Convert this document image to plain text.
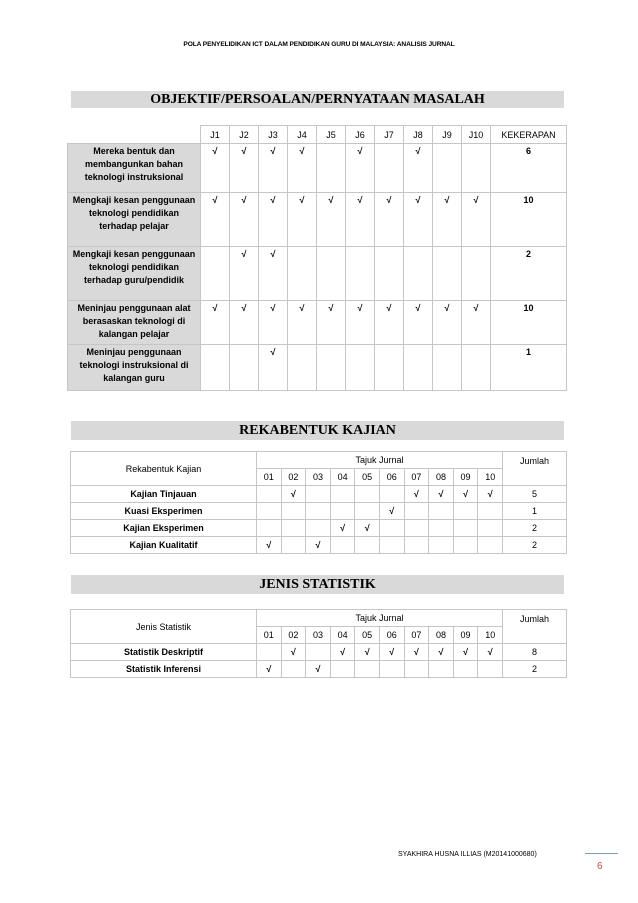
POLA PENYELIDIKAN ICT DALAM PENDIDIKAN GURU DI MALAYSIA: ANALISIS JURNAL
OBJEKTIF/PERSOALAN/PERNYATAAN MASALAH
	J1	J2	J3	J4	J5	J6	J7	J8	J9	J10	KEKERAPAN
Mereka bentuk dan membangunkan bahan teknologi instruksional	√	√	√	√		√		√			6
Mengkaji kesan penggunaan teknologi pendidikan terhadap pelajar	√	√	√	√	√	√	√	√	√	√	10
Mengkaji kesan penggunaan teknologi pendidikan terhadap guru/pendidik		√	√								2
Meninjau penggunaan alat berasaskan teknologi di kalangan pelajar	√	√	√	√	√	√	√	√	√	√	10
Meninjau penggunaan teknologi instruksional di kalangan guru			√								1
REKABENTUK KAJIAN
Rekabentuk Kajian	Tajuk Jurnal										Jumlah
	01	02	03	04	05	06	07	08	09	10	
Kajian Tinjauan		√					√	√	√	√	5
Kuasi Eksperimen						√					1
Kajian Eksperimen				√	√						2
Kajian Kualitatif	√		√								2
JENIS STATISTIK
Jenis Statistik	Tajuk Jurnal										Jumlah
	01	02	03	04	05	06	07	08	09	10	
Statistik Deskriptif		√		√	√	√	√	√	√	√	8
Statistik Inferensi	√		√								2
SYAKHIRA HUSNA ILLIAS (M20141000680)
6
